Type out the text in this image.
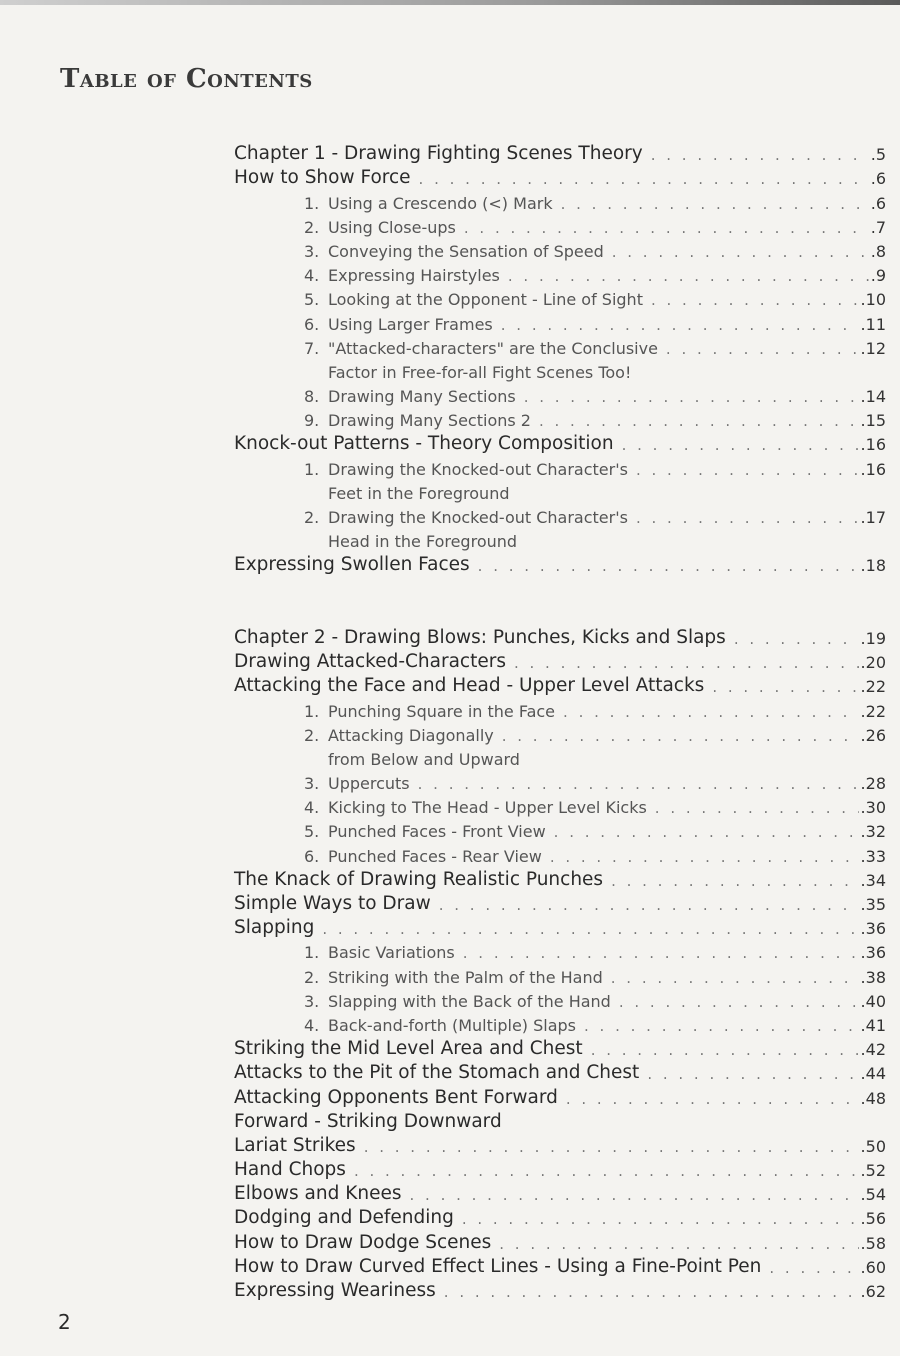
Table of Contents
Chapter 1 - Drawing Fighting Scenes Theory . . .	.5
How to Show Force . . .	.6
1. Using a Crescendo (<) Mark . . .	.6
2. Using Close-ups . . .	.7
3. Conveying the Sensation of Speed . . .	.8
4. Expressing Hairstyles . . .	.9
5. Looking at the Opponent - Line of Sight . . .	.10
6. Using Larger Frames . . .	.11
7. "Attacked-characters" are the Conclusive . . .	.12
Factor in Free-for-all Fight Scenes Too!
8. Drawing Many Sections . . .	.14
9. Drawing Many Sections 2 . . .	.15
Knock-out Patterns - Theory Composition . . .	.16
1. Drawing the Knocked-out Character's . . .	.16
Feet in the Foreground
2. Drawing the Knocked-out Character's . . .	.17
Head in the Foreground
Expressing Swollen Faces . . .	.18
Chapter 2 - Drawing Blows: Punches, Kicks and Slaps . . .	.19
Drawing Attacked-Characters . . .	.20
Attacking the Face and Head - Upper Level Attacks . . .	.22
1. Punching Square in the Face . . .	.22
2. Attacking Diagonally . . .	.26
from Below and Upward
3. Uppercuts . . .	.28
4. Kicking to The Head - Upper Level Kicks . . .	.30
5. Punched Faces - Front View . . .	.32
6. Punched Faces - Rear View . . .	.33
The Knack of Drawing Realistic Punches . . .	.34
Simple Ways to Draw . . .	.35
Slapping . . .	.36
1. Basic Variations . . .	.36
2. Striking with the Palm of the Hand . . .	.38
3. Slapping with the Back of the Hand . . .	.40
4. Back-and-forth (Multiple) Slaps . . .	.41
Striking the Mid Level Area and Chest . . .	.42
Attacks to the Pit of the Stomach and Chest . . .	.44
Attacking Opponents Bent Forward . . .	.48
Forward - Striking Downward
Lariat Strikes . . .	.50
Hand Chops . . .	.52
Elbows and Knees . . .	.54
Dodging and Defending . . .	.56
How to Draw Dodge Scenes . . .	.58
How to Draw Curved Effect Lines - Using a Fine-Point Pen . . .	.60
Expressing Weariness . . .	.62
2
